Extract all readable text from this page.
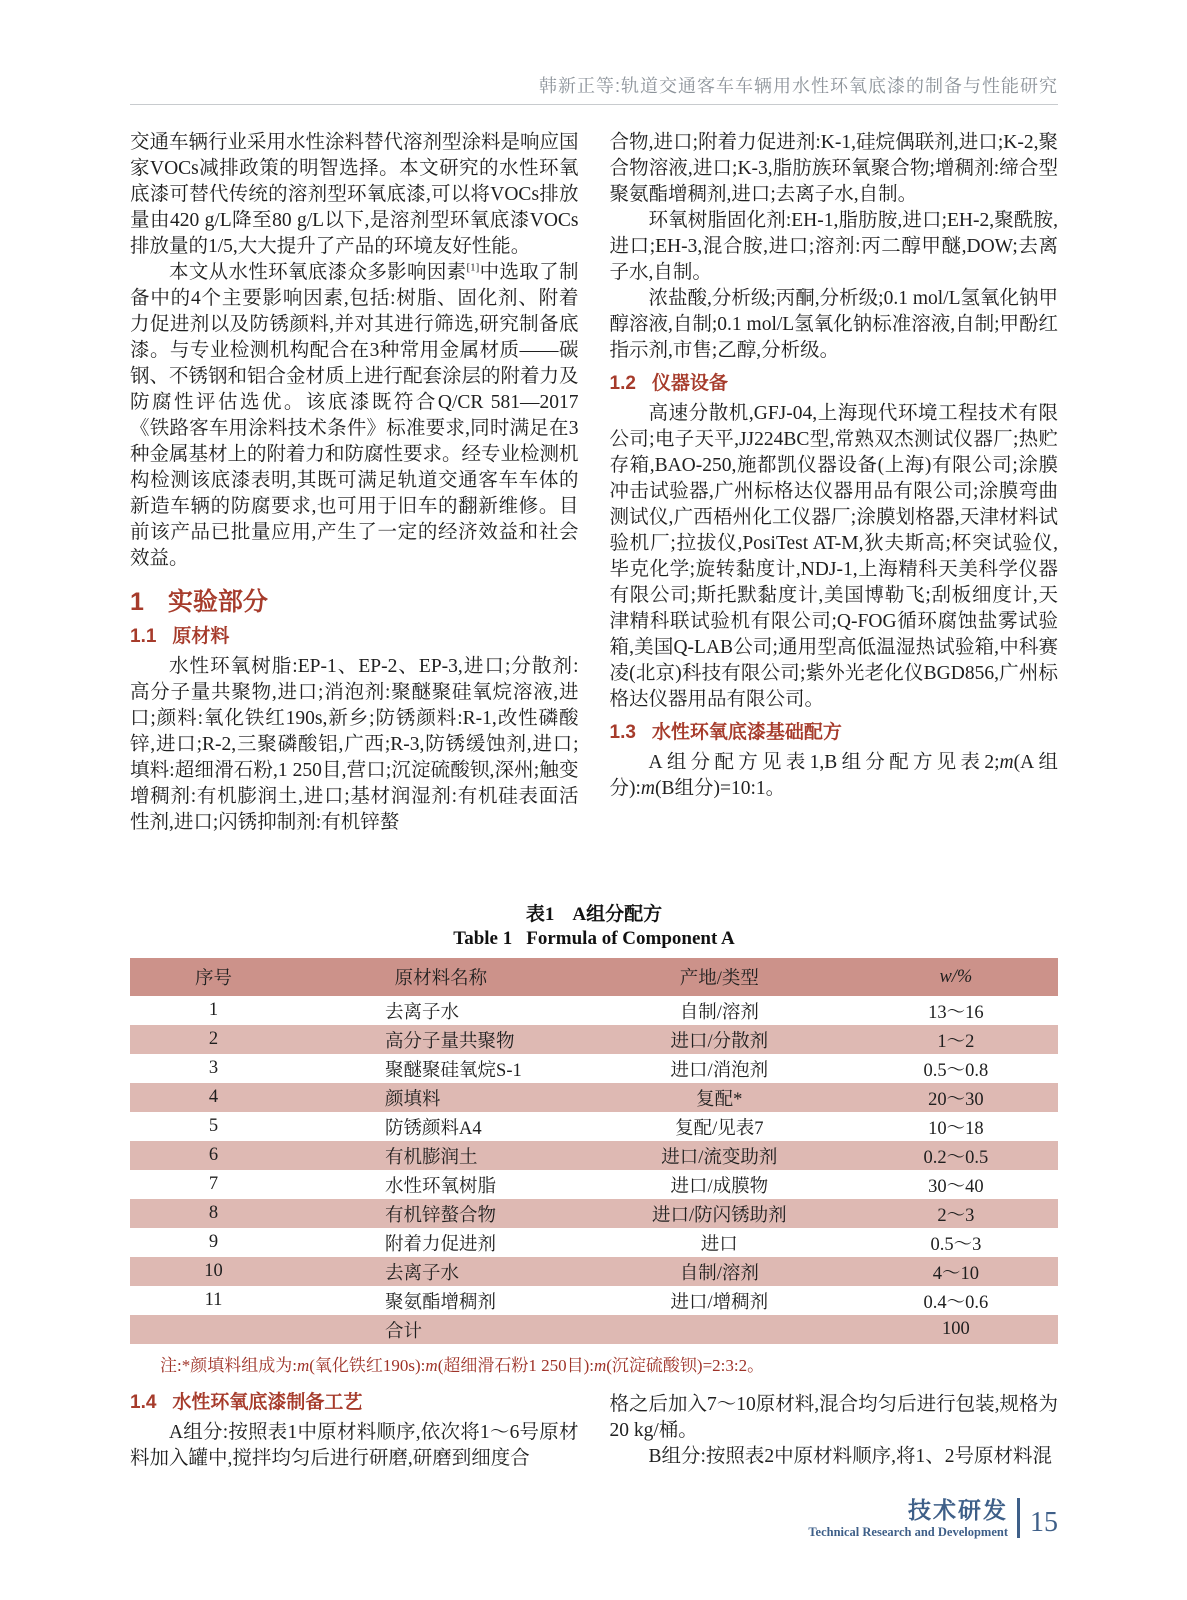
韩新正等:轨道交通客车车辆用水性环氧底漆的制备与性能研究

交通车辆行业采用水性涂料替代溶剂型涂料是响应国家VOCs减排政策的明智选择。本文研究的水性环氧底漆可替代传统的溶剂型环氧底漆,可以将VOCs排放量由420 g/L降至80 g/L以下,是溶剂型环氧底漆VOCs排放量的1/5,大大提升了产品的环境友好性能。

本文从水性环氧底漆众多影响因素[1]中选取了制备中的4个主要影响因素,包括:树脂、固化剂、附着力促进剂以及防锈颜料,并对其进行筛选,研究制备底漆。与专业检测机构配合在3种常用金属材质——碳钢、不锈钢和铝合金材质上进行配套涂层的附着力及防腐性评估选优。该底漆既符合Q/CR 581—2017《铁路客车用涂料技术条件》标准要求,同时满足在3种金属基材上的附着力和防腐性要求。经专业检测机构检测该底漆表明,其既可满足轨道交通客车车体的新造车辆的防腐要求,也可用于旧车的翻新维修。目前该产品已批量应用,产生了一定的经济效益和社会效益。

1 实验部分
1.1 原材料

水性环氧树脂:EP-1、EP-2、EP-3,进口;分散剂:高分子量共聚物,进口;消泡剂:聚醚聚硅氧烷溶液,进口;颜料:氧化铁红190s,新乡;防锈颜料:R-1,改性磷酸锌,进口;R-2,三聚磷酸铝,广西;R-3,防锈缓蚀剂,进口;填料:超细滑石粉,1 250目,营口;沉淀硫酸钡,深州;触变增稠剂:有机膨润土,进口;基材润湿剂:有机硅表面活性剂,进口;闪锈抑制剂:有机锌螯

合物,进口;附着力促进剂:K-1,硅烷偶联剂,进口;K-2,聚合物溶液,进口;K-3,脂肪族环氧聚合物;增稠剂:缔合型聚氨酯增稠剂,进口;去离子水,自制。

环氧树脂固化剂:EH-1,脂肪胺,进口;EH-2,聚酰胺,进口;EH-3,混合胺,进口;溶剂:丙二醇甲醚,DOW;去离子水,自制。

浓盐酸,分析级;丙酮,分析级;0.1 mol/L氢氧化钠甲醇溶液,自制;0.1 mol/L氢氧化钠标准溶液,自制;甲酚红指示剂,市售;乙醇,分析级。

1.2 仪器设备

高速分散机,GFJ-04,上海现代环境工程技术有限公司;电子天平,JJ224BC型,常熟双杰测试仪器厂;热贮存箱,BAO-250,施都凯仪器设备(上海)有限公司;涂膜冲击试验器,广州标格达仪器用品有限公司;涂膜弯曲测试仪,广西梧州化工仪器厂;涂膜划格器,天津材料试验机厂;拉拔仪,PosiTest AT-M,狄夫斯高;杯突试验仪,毕克化学;旋转黏度计,NDJ-1,上海精科天美科学仪器有限公司;斯托默黏度计,美国博勒飞;刮板细度计,天津精科联试验机有限公司;Q-FOG循环腐蚀盐雾试验箱,美国Q-LAB公司;通用型高低温湿热试验箱,中科赛凌(北京)科技有限公司;紫外光老化仪BGD856,广州标格达仪器用品有限公司。

1.3 水性环氧底漆基础配方

A组分配方见表1,B组分配方见表2;m(A组分):m(B组分)=10:1。

表1 A组分配方
Table 1 Formula of Component A
序号	原材料名称	产地/类型	w/%
1	去离子水	自制/溶剂	13～16
2	高分子量共聚物	进口/分散剂	1～2
3	聚醚聚硅氧烷S-1	进口/消泡剂	0.5～0.8
4	颜填料	复配*	20～30
5	防锈颜料A4	复配/见表7	10～18
6	有机膨润土	进口/流变助剂	0.2～0.5
7	水性环氧树脂	进口/成膜物	30～40
8	有机锌螯合物	进口/防闪锈助剂	2～3
9	附着力促进剂	进口	0.5～3
10	去离子水	自制/溶剂	4～10
11	聚氨酯增稠剂	进口/增稠剂	0.4～0.6
	合计		100
注:*颜填料组成为:m(氧化铁红190s):m(超细滑石粉1 250目):m(沉淀硫酸钡)=2:3:2。
1.4 水性环氧底漆制备工艺

A组分:按照表1中原材料顺序,依次将1～6号原材料加入罐中,搅拌均匀后进行研磨,研磨到细度合

格之后加入7～10原材料,混合均匀后进行包装,规格为20 kg/桶。

B组分:按照表2中原材料顺序,将1、2号原材料混

技术研发
Technical Research and Development 15
